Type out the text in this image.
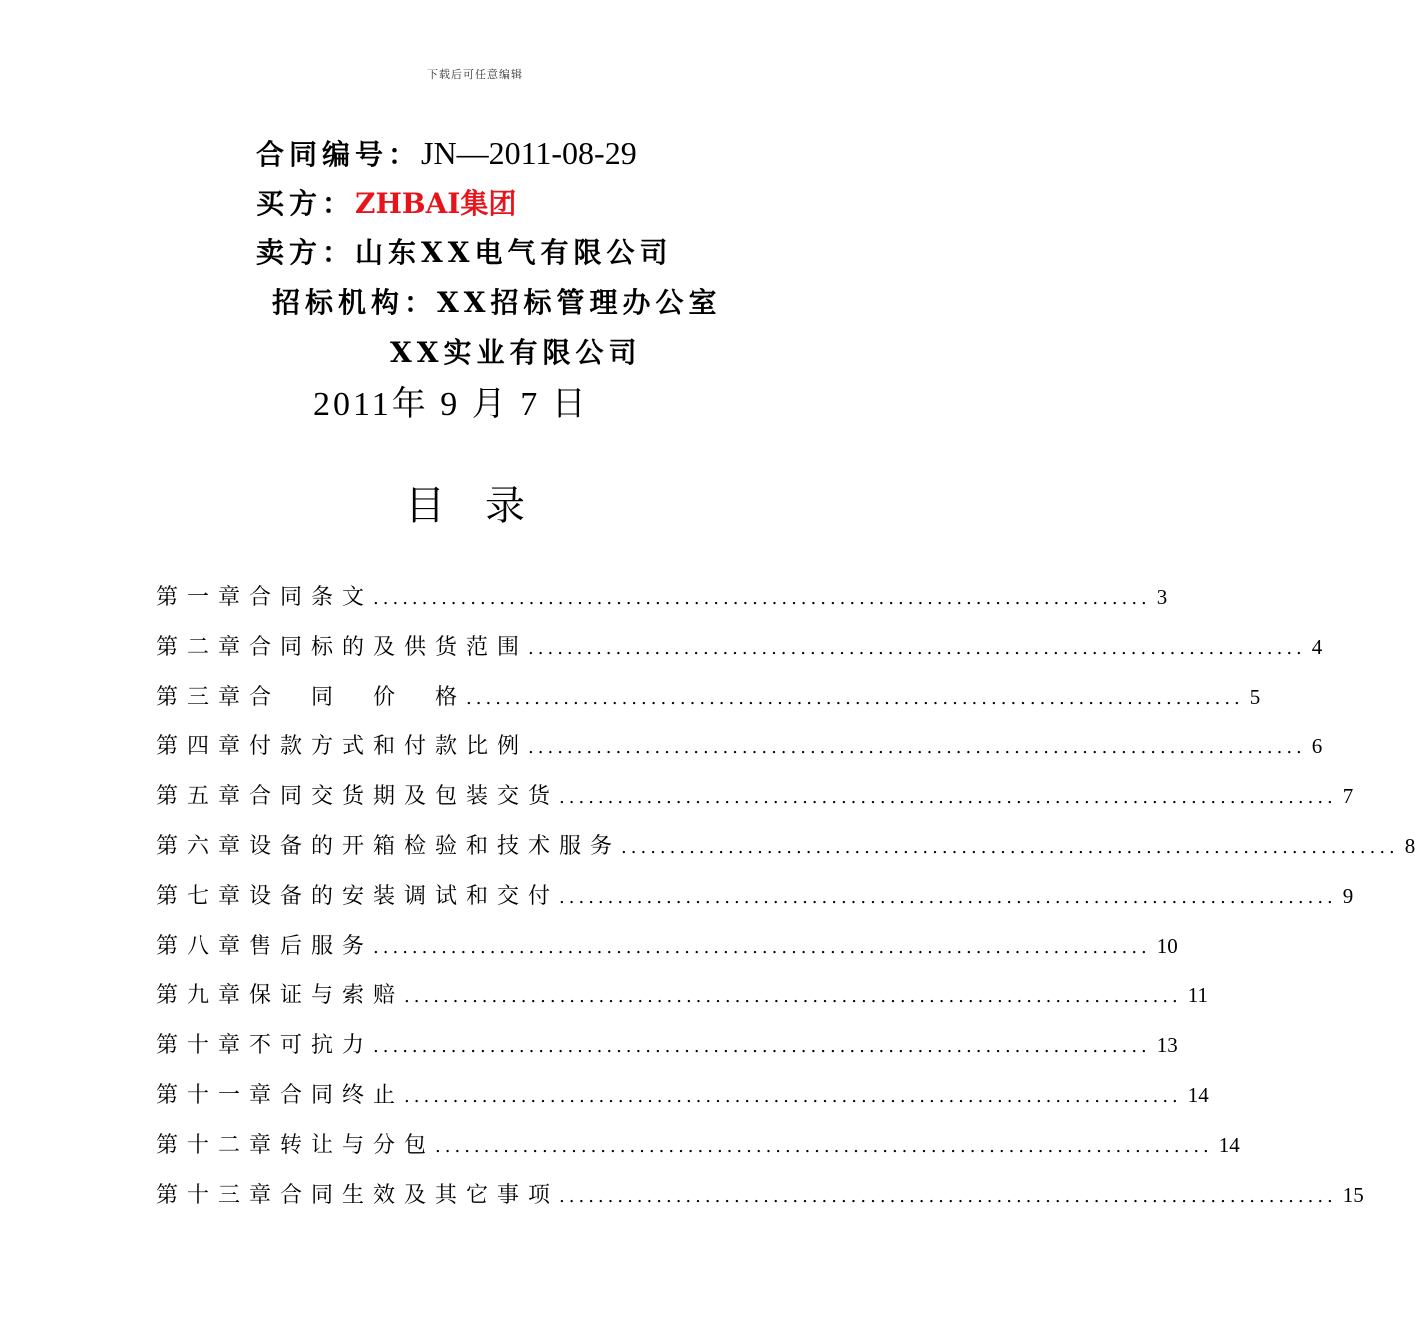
下载后可任意编辑
合同编号：JN—2011-08-29
买方：ZHBAI集团
卖方：山东XX电气有限公司
招标机构：XX招标管理办公室
XX实业有限公司
2011年 9 月 7 日
目录
第一章 合同条文 ................................................................................ 3
第二章 合同标的及供货范围 ................................................................................ 4
第三章 合　同　价　格 ................................................................................ 5
第四章 付款方式和付款比例 ................................................................................ 6
第五章 合同交货期及包装交货 ................................................................................ 7
第六章 设备的开箱检验和技术服务 ................................................................................ 8
第七章 设备的安装调试和交付 ................................................................................ 9
第八章 售后服务 ................................................................................ 10
第九章 保证与索赔 ................................................................................ 11
第十章 不可抗力 ................................................................................ 13
第十一章 合同终止 ................................................................................ 14
第十二章 转让与分包 ................................................................................ 14
第十三章 合同生效及其它事项 ................................................................................ 15
